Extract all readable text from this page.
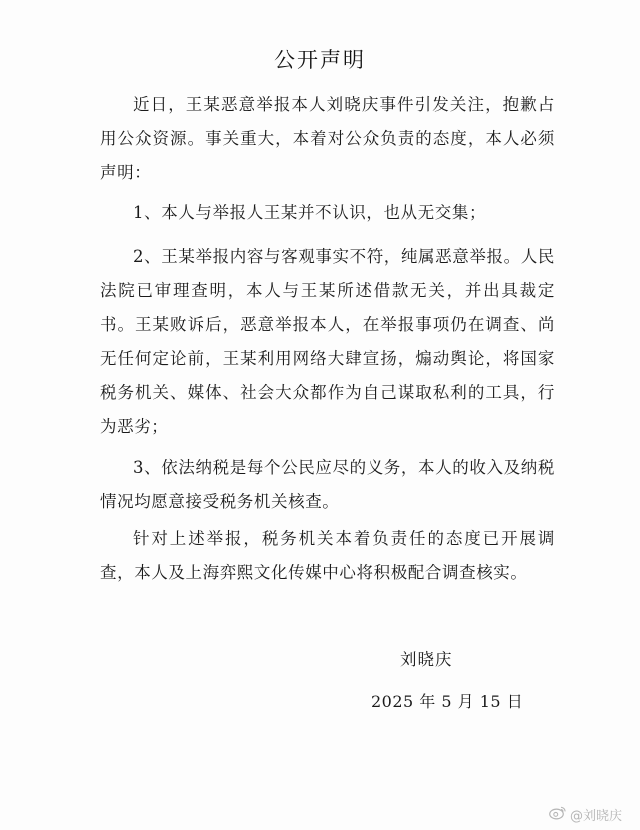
公开声明

近日，王某恶意举报本人刘晓庆事件引发关注，抱歉占用公众资源。事关重大，本着对公众负责的态度，本人必须声明：

1、本人与举报人王某并不认识，也从无交集；

2、王某举报内容与客观事实不符，纯属恶意举报。人民法院已审理查明，本人与王某所述借款无关，并出具裁定书。王某败诉后，恶意举报本人，在举报事项仍在调查、尚无任何定论前，王某利用网络大肆宣扬，煽动舆论，将国家税务机关、媒体、社会大众都作为自己谋取私利的工具，行为恶劣；

3、依法纳税是每个公民应尽的义务，本人的收入及纳税情况均愿意接受税务机关核查。

针对上述举报，税务机关本着负责任的态度已开展调查，本人及上海弈熙文化传媒中心将积极配合调查核实。

刘晓庆
2025 年 5 月 15 日
@刘晓庆
